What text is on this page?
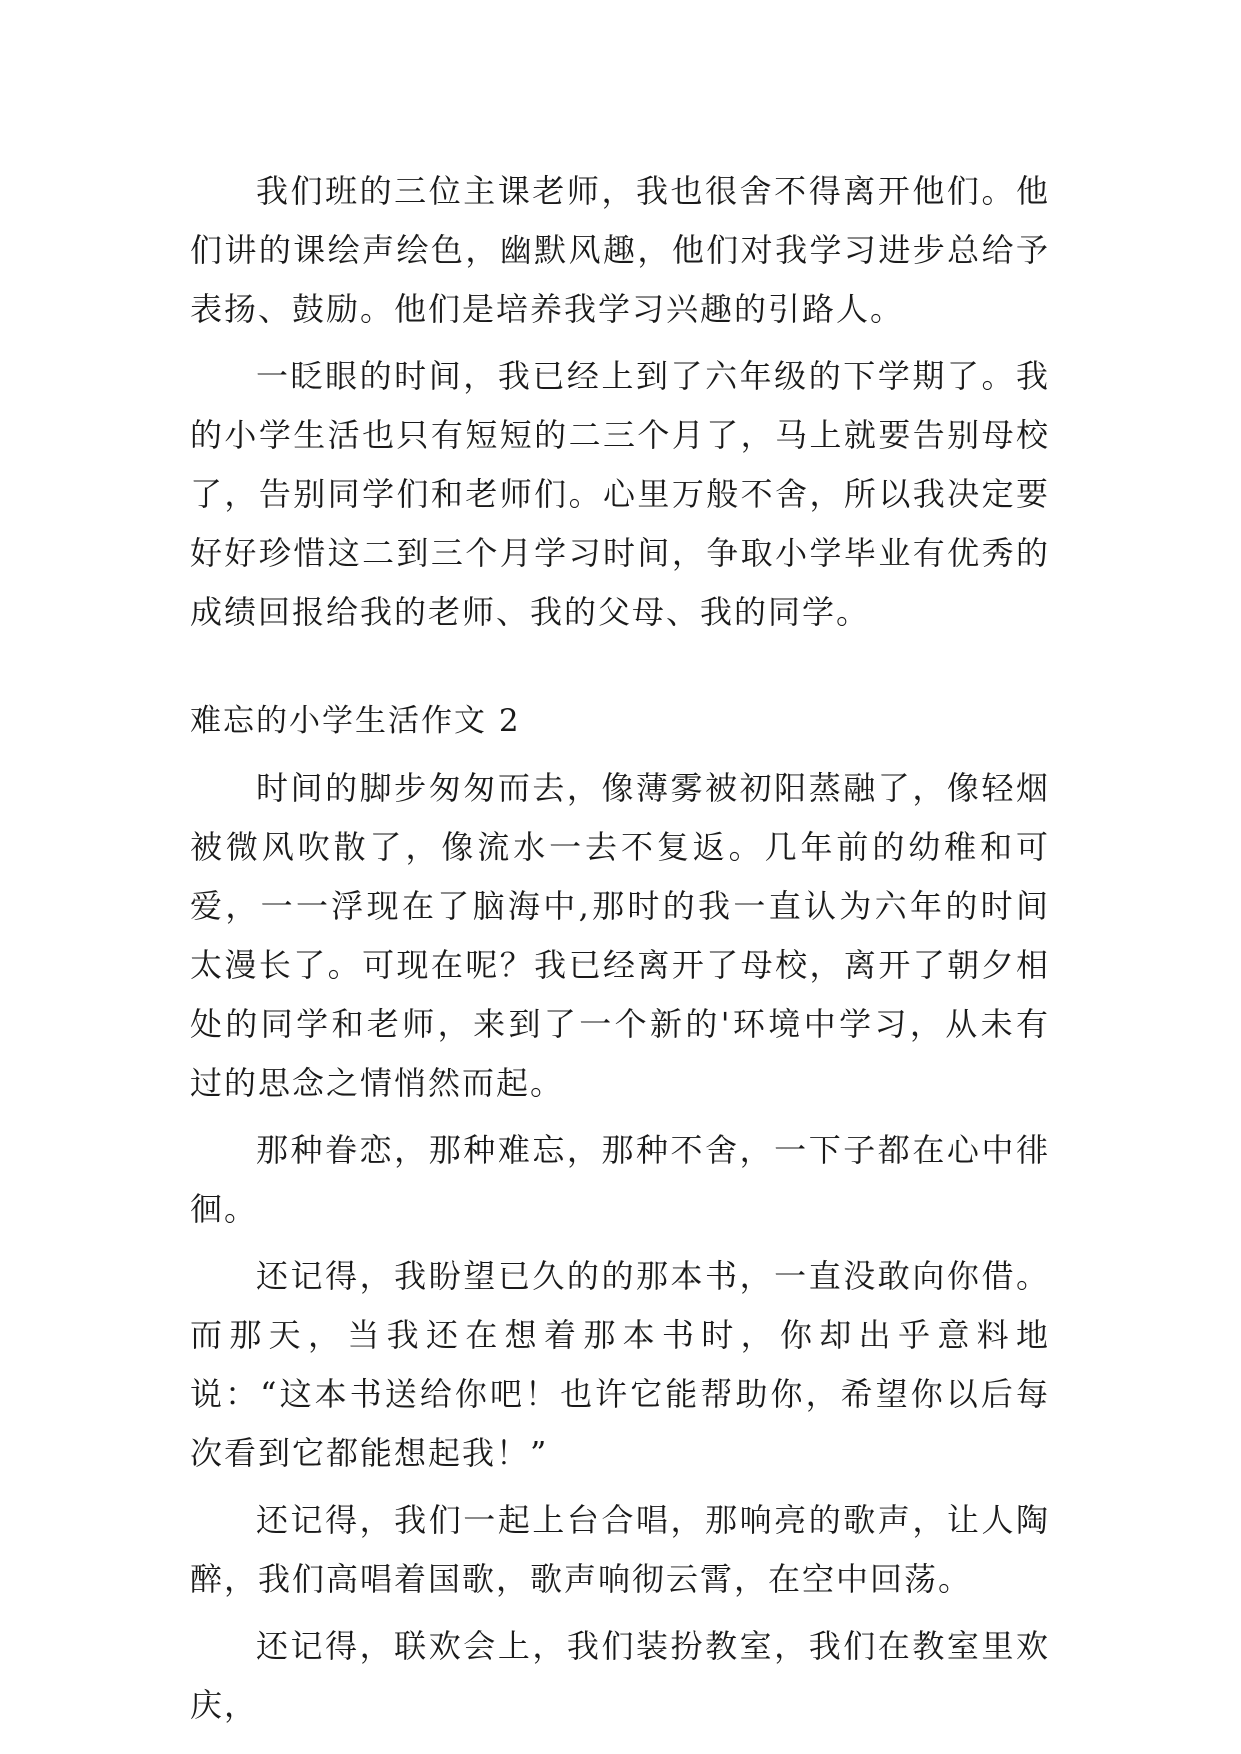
我们班的三位主课老师，我也很舍不得离开他们。他们讲的课绘声绘色，幽默风趣，他们对我学习进步总给予表扬、鼓励。他们是培养我学习兴趣的引路人。

一眨眼的时间，我已经上到了六年级的下学期了。我的小学生活也只有短短的二三个月了，马上就要告别母校了，告别同学们和老师们。心里万般不舍，所以我决定要好好珍惜这二到三个月学习时间，争取小学毕业有优秀的成绩回报给我的老师、我的父母、我的同学。

难忘的小学生活作文 2

时间的脚步匆匆而去，像薄雾被初阳蒸融了，像轻烟被微风吹散了，像流水一去不复返。几年前的幼稚和可爱，一一浮现在了脑海中,那时的我一直认为六年的时间太漫长了。可现在呢？我已经离开了母校，离开了朝夕相处的同学和老师，来到了一个新的'环境中学习，从未有过的思念之情悄然而起。

那种眷恋，那种难忘，那种不舍，一下子都在心中徘徊。

还记得，我盼望已久的的那本书，一直没敢向你借。而那天，当我还在想着那本书时，你却出乎意料地说：“这本书送给你吧！也许它能帮助你，希望你以后每次看到它都能想起我！”

还记得，我们一起上台合唱，那响亮的歌声，让人陶醉，我们高唱着国歌，歌声响彻云霄，在空中回荡。

还记得，联欢会上，我们装扮教室，我们在教室里欢庆，
